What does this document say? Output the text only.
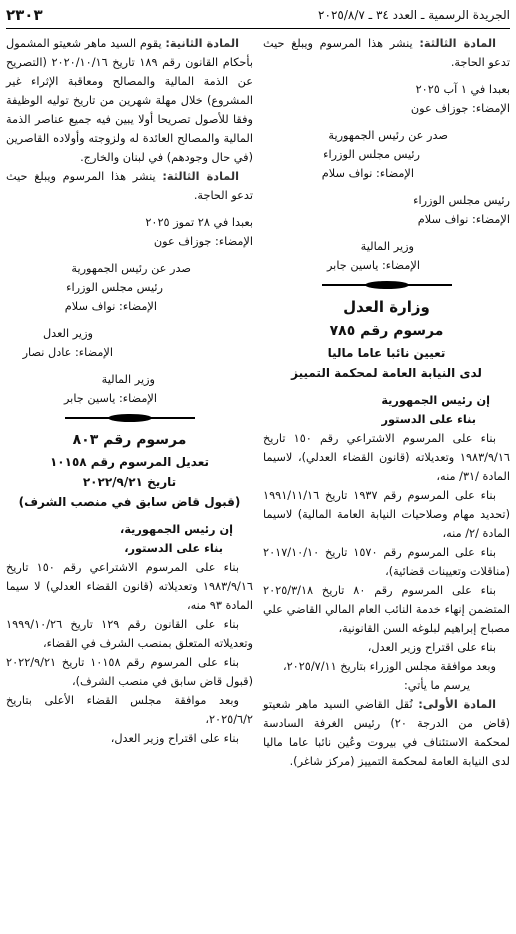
الجريدة الرسمية ـ العدد ٣٤ ـ ٢٠٢٥/٨/٧
٢٣٠٣

المادة الثالثة: ينشر هذا المرسوم ويبلغ حيث تدعو الحاجة.

بعبدا في ١ آب ٢٠٢٥

الإمضاء: جوزاف عون

صدر عن رئيس الجمهورية

رئيس مجلس الوزراء

الإمضاء: نواف سلام

رئيس مجلس الوزراء

الإمضاء: نواف سلام

وزير المالية

الإمضاء: ياسين جابر

وزارة العدل

مرسوم رقم ٧٨٥

تعيين نائبا عاما ماليا

لدى النيابة العامة لمحكمة التمييز

إن رئيس الجمهورية

بناء على الدستور

بناء على المرسوم الاشتراعي رقم ١٥٠ تاريخ ١٩٨٣/٩/١٦ وتعديلاته (قانون القضاء العدلي)، لاسيما المادة /٣١/ منه،

بناء على المرسوم رقم ١٩٣٧ تاريخ ١٩٩١/١١/١٦ (تحديد مهام وصلاحيات النيابة العامة المالية) لاسيما المادة /٢/ منه،

بناء على المرسوم رقم ١٥٧٠ تاريخ ٢٠١٧/١٠/١٠ (مناقلات وتعيينات قضائية)،

بناء على المرسوم رقم ٨٠ تاريخ ٢٠٢٥/٣/١٨ المتضمن إنهاء خدمة النائب العام المالي القاضي علي مصباح إبراهيم لبلوغه السن القانونية،

بناء على اقتراح وزير العدل،

وبعد موافقة مجلس الوزراء بتاريخ ٢٠٢٥/٧/١١،

يرسم ما يأتي:

المادة الأولى: نُقل القاضي السيد ماهر شعيتو (قاض من الدرجة ٢٠) رئيس الغرفة السادسة لمحكمة الاستئناف في بيروت وعُين نائبا عاما ماليا لدى النيابة العامة لمحكمة التمييز (مركز شاغر).

المادة الثانية: يقوم السيد ماهر شعيتو المشمول بأحكام القانون رقم ١٨٩ تاريخ ٢٠٢٠/١٠/١٦ (التصريح عن الذمة المالية والمصالح ومعاقبة الإثراء غير المشروع) خلال مهلة شهرين من تاريخ توليه الوظيفة وفقا للأصول تصريحا أولا يبين فيه جميع عناصر الذمة المالية والمصالح العائدة له ولزوجته وأولاده القاصرين (في حال وجودهم) في لبنان والخارج.

المادة الثالثة: ينشر هذا المرسوم ويبلغ حيث تدعو الحاجة.

بعبدا في ٢٨ تموز ٢٠٢٥

الإمضاء: جوزاف عون

صدر عن رئيس الجمهورية

رئيس مجلس الوزراء

الإمضاء: نواف سلام

وزير العدل

الإمضاء: عادل نصار

وزير المالية

الإمضاء: ياسين جابر

مرسوم رقم ٨٠٣

تعديل المرسوم رقم ١٠١٥٨

تاريخ ٢٠٢٢/٩/٢١

(قبول قاض سابق في منصب الشرف)

إن رئيس الجمهورية،

بناء على الدستور،

بناء على المرسوم الاشتراعي رقم ١٥٠ تاريخ ١٩٨٣/٩/١٦ وتعديلاته (قانون القضاء العدلي) لا سيما المادة ٩٣ منه،

بناء على القانون رقم ١٢٩ تاريخ ١٩٩٩/١٠/٢٦ وتعديلاته المتعلق بمنصب الشرف في القضاء،

بناء على المرسوم رقم ١٠١٥٨ تاريخ ٢٠٢٢/٩/٢١ (قبول قاض سابق في منصب الشرف)،

وبعد موافقة مجلس القضاء الأعلى بتاريخ ٢٠٢٥/٦/٢،

بناء على اقتراح وزير العدل،
